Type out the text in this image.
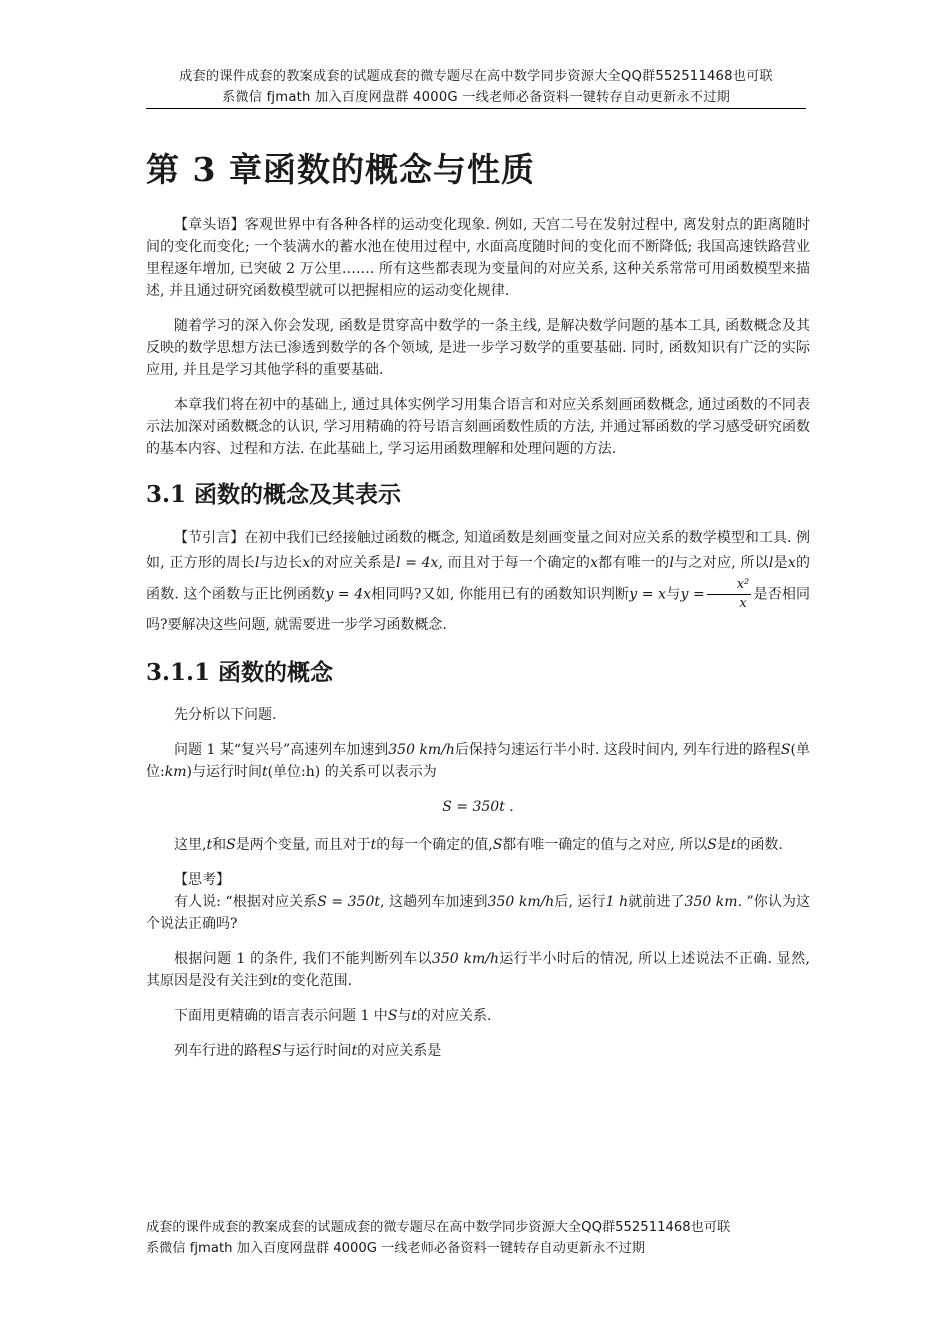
成套的课件成套的教案成套的试题成套的微专题尽在高中数学同步资源大全QQ群552511468也可联
系微信 fjmath 加入百度网盘群 4000G 一线老师必备资料一键转存自动更新永不过期
第 3 章函数的概念与性质

【章头语】客观世界中有各种各样的运动变化现象. 例如, 天宫二号在发射过程中, 离发射点的距离随时间的变化而变化; 一个装满水的蓄水池在使用过程中, 水面高度随时间的变化而不断降低; 我国高速铁路营业里程逐年增加, 已突破 2 万公里……. 所有这些都表现为变量间的对应关系, 这种关系常常可用函数模型来描述, 并且通过研究函数模型就可以把握相应的运动变化规律.

随着学习的深入你会发现, 函数是贯穿高中数学的一条主线, 是解决数学问题的基本工具, 函数概念及其反映的数学思想方法已渗透到数学的各个领域, 是进一步学习数学的重要基础. 同时, 函数知识有广泛的实际应用, 并且是学习其他学科的重要基础.

本章我们将在初中的基础上, 通过具体实例学习用集合语言和对应关系刻画函数概念, 通过函数的不同表示法加深对函数概念的认识, 学习用精确的符号语言刻画函数性质的方法, 并通过幂函数的学习感受研究函数的基本内容、过程和方法. 在此基础上, 学习运用函数理解和处理问题的方法.

3.1 函数的概念及其表示

【节引言】在初中我们已经接触过函数的概念, 知道函数是刻画变量之间对应关系的数学模型和工具. 例如, 正方形的周长l与边长x的对应关系是l = 4x, 而且对于每一个确定的x都有唯一的l与之对应, 所以l是x的函数. 这个函数与正比例函数y = 4x相同吗?又如, 你能用已有的函数知识判断y = x与$y = \frac{\text{x²}}{x}$ 是否相同吗?要解决这些问题, 就需要进一步学习函数概念.

3.1.1 函数的概念

先分析以下问题.

问题 1 某“复兴号”高速列车加速到350 km/h后保持匀速运行半小时. 这段时间内, 列车行进的路程S(单位:km)与运行时间t(单位:h) 的关系可以表示为

S = 350t .

这里,t和S是两个变量, 而且对于t的每一个确定的值,S都有唯一确定的值与之对应, 所以S是t的函数.

【思考】

有人说: “根据对应关系S = 350t, 这趟列车加速到350 km/h后, 运行1 h就前进了350 km. ”你认为这个说法正确吗?

根据问题 1 的条件, 我们不能判断列车以350 km/h运行半小时后的情况, 所以上述说法不正确. 显然, 其原因是没有关注到t的变化范围.

下面用更精确的语言表示问题 1 中S与t的对应关系.

列车行进的路程S与运行时间t的对应关系是

成套的课件成套的教案成套的试题成套的微专题尽在高中数学同步资源大全QQ群552511468也可联
系微信 fjmath 加入百度网盘群 4000G 一线老师必备资料一键转存自动更新永不过期
